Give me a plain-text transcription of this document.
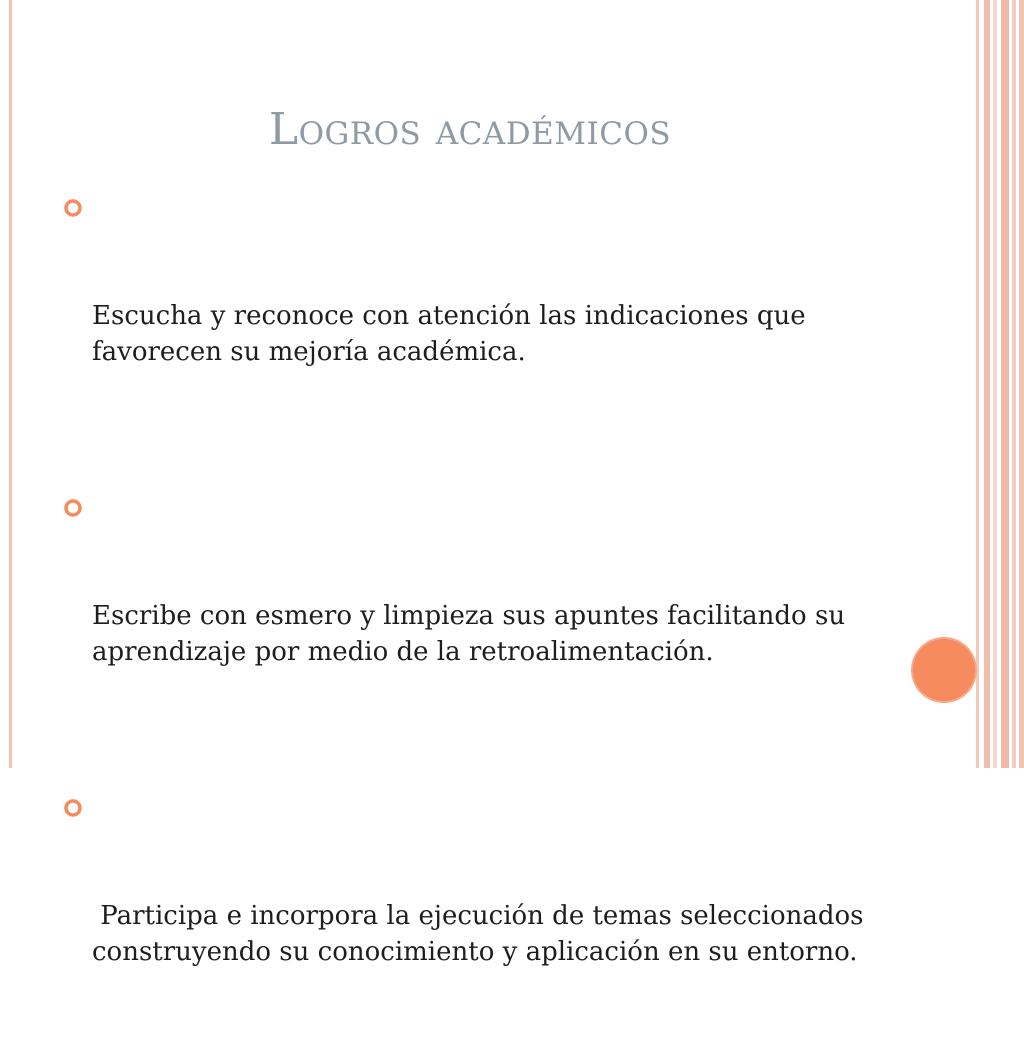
Logros académicos

Escucha y reconoce con atención las indicaciones que favorecen su mejoría académica.

Escribe con esmero y limpieza sus apuntes facilitando su aprendizaje por medio de la retroalimentación.

Participa e incorpora la ejecución de temas seleccionados construyendo su conocimiento y aplicación en su entorno.
